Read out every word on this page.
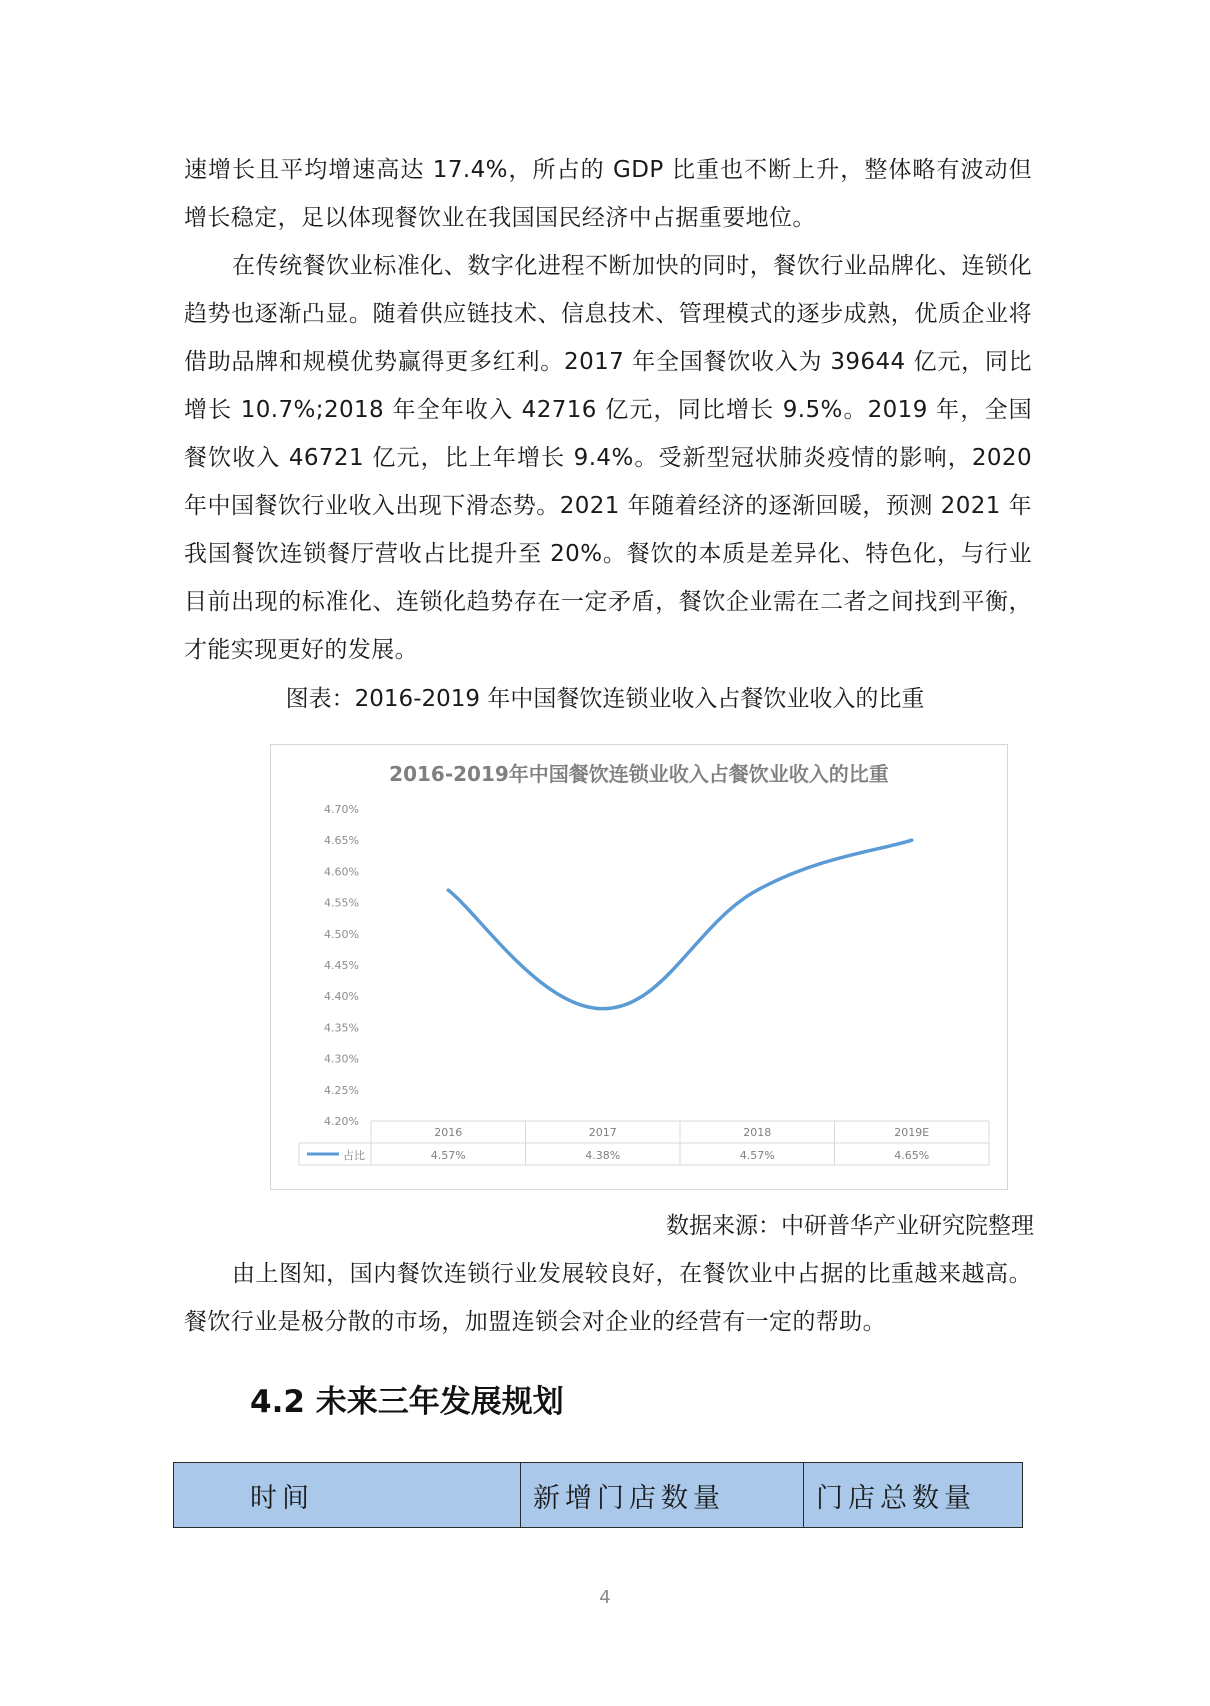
速增长且平均增速高达 17.4%，所占的 GDP 比重也不断上升，整体略有波动但增长稳定，足以体现餐饮业在我国国民经济中占据重要地位。

在传统餐饮业标准化、数字化进程不断加快的同时，餐饮行业品牌化、连锁化趋势也逐渐凸显。随着供应链技术、信息技术、管理模式的逐步成熟，优质企业将借助品牌和规模优势赢得更多红利。2017 年全国餐饮收入为 39644 亿元，同比增长 10.7%;2018 年全年收入 42716 亿元，同比增长 9.5%。2019 年，全国餐饮收入 46721 亿元，比上年增长 9.4%。受新型冠状肺炎疫情的影响，2020 年中国餐饮行业收入出现下滑态势。2021 年随着经济的逐渐回暖，预测 2021 年我国餐饮连锁餐厅营收占比提升至 20%。餐饮的本质是差异化、特色化，与行业目前出现的标准化、连锁化趋势存在一定矛盾，餐饮企业需在二者之间找到平衡，才能实现更好的发展。

图表：2016-2019 年中国餐饮连锁业收入占餐饮业收入的比重
2016-2019年中国餐饮连锁业收入占餐饮业收入的比重
4.70%
4.65%
4.60%
4.55%
4.50%
4.45%
4.40%
4.35%
4.30%
4.25%
4.20%
2016
4.57%
2017
4.38%
2018
4.57%
2019E
4.65%
占比
数据来源：中研普华产业研究院整理

由上图知，国内餐饮连锁行业发展较良好，在餐饮业中占据的比重越来越高。餐饮行业是极分散的市场，加盟连锁会对企业的经营有一定的帮助。

4.2 未来三年发展规划
时间	新增门店数量	门店总数量
4
